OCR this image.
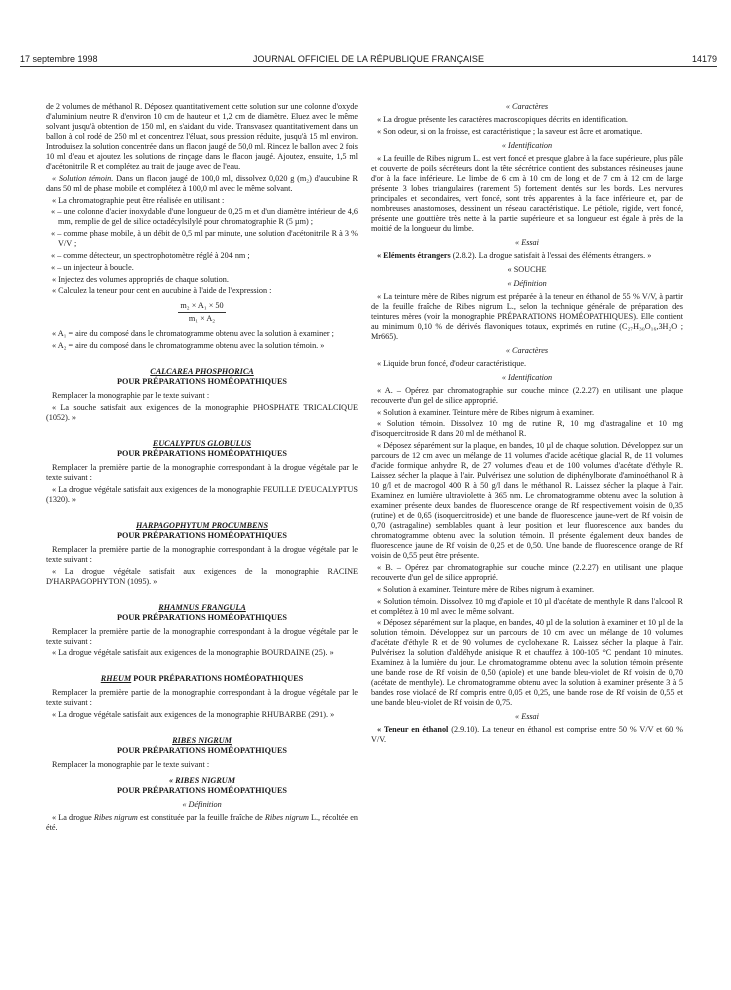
17 septembre 1998	JOURNAL OFFICIEL DE LA RÉPUBLIQUE FRANÇAISE	14179

de 2 volumes de méthanol R. Déposez quantitativement cette solution sur une colonne d'oxyde d'aluminium neutre R d'environ 10 cm de hauteur et 1,2 cm de diamètre. Eluez avec le même solvant jusqu'à obtention de 150 ml, en s'aidant du vide. Transvasez quantitativement dans un ballon à col rodé de 250 ml et concentrez l'éluat, sous pression réduite, jusqu'à 15 ml environ. Introduisez la solution concentrée dans un flacon jaugé de 50,0 ml. Rincez le ballon avec 2 fois 10 ml d'eau et ajoutez les solutions de rinçage dans le flacon jaugé. Ajoutez, ensuite, 1,5 ml d'acétonitrile R et complétez au trait de jauge avec de l'eau.

« Solution témoin. Dans un flacon jaugé de 100,0 ml, dissolvez 0,020 g (m₂) d'aucubine R dans 50 ml de phase mobile et complétez à 100,0 ml avec le même solvant.

« La chromatographie peut être réalisée en utilisant :

« – une colonne d'acier inoxydable d'une longueur de 0,25 m et d'un diamètre intérieur de 4,6 mm, remplie de gel de silice octadécylsilylé pour chromatographie R (5 µm) ;

« – comme phase mobile, à un débit de 0,5 ml par minute, une solution d'acétonitrile R à 3 % V/V ;

« – comme détecteur, un spectrophotomètre réglé à 204 nm ;

« – un injecteur à boucle.

« Injectez des volumes appropriés de chaque solution.

« Calculez la teneur pour cent en aucubine à l'aide de l'expression :

m₂ × A₁ × 50
m₁ × A₂

« A₁ = aire du composé dans le chromatogramme obtenu avec la solution à examiner ;

« A₂ = aire du composé dans le chromatogramme obtenu avec la solution témoin. »

CALCAREA PHOSPHORICA
POUR PRÉPARATIONS HOMÉOPATHIQUES

Remplacer la monographie par le texte suivant :

« La souche satisfait aux exigences de la monographie PHOSPHATE TRICALCIQUE (1052). »

EUCALYPTUS GLOBULUS
POUR PRÉPARATIONS HOMÉOPATHIQUES

Remplacer la première partie de la monographie correspondant à la drogue végétale par le texte suivant :

« La drogue végétale satisfait aux exigences de la monographie FEUILLE D'EUCALYPTUS (1320). »

HARPAGOPHYTUM PROCUMBENS
POUR PRÉPARATIONS HOMÉOPATHIQUES

Remplacer la première partie de la monographie correspondant à la drogue végétale par le texte suivant :

« La drogue végétale satisfait aux exigences de la monographie RACINE D'HARPAGOPHYTON (1095). »

RHAMNUS FRANGULA
POUR PRÉPARATIONS HOMÉOPATHIQUES

Remplacer la première partie de la monographie correspondant à la drogue végétale par le texte suivant :

« La drogue végétale satisfait aux exigences de la monographie BOURDAINE (25). »

RHEUM POUR PRÉPARATIONS HOMÉOPATHIQUES

Remplacer la première partie de la monographie correspondant à la drogue végétale par le texte suivant :

« La drogue végétale satisfait aux exigences de la monographie RHUBARBE (291). »

RIBES NIGRUM
POUR PRÉPARATIONS HOMÉOPATHIQUES

Remplacer la monographie par le texte suivant :

« RIBES NIGRUM
POUR PRÉPARATIONS HOMÉOPATHIQUES
« Définition

« La drogue Ribes nigrum est constituée par la feuille fraîche de Ribes nigrum L., récoltée en été.

« Caractères

« La drogue présente les caractères macroscopiques décrits en identification.

« Son odeur, si on la froisse, est caractéristique ; la saveur est âcre et aromatique.

« Identification

« La feuille de Ribes nigrum L. est vert foncé et presque glabre à la face supérieure, plus pâle et couverte de poils sécréteurs dont la tête sécrétrice contient des substances résineuses jaune d'or à la face inférieure. Le limbe de 6 cm à 10 cm de long et de 7 cm à 12 cm de large présente 3 lobes triangulaires (rarement 5) fortement dentés sur les bords. Les nervures principales et secondaires, vert foncé, sont très apparentes à la face inférieure et, par de nombreuses anastomoses, dessinent un réseau caractéristique. Le pétiole, rigide, vert foncé, présente une gouttière très nette à la partie supérieure et sa longueur est égale à près de la moitié de la longueur du limbe.

« Essai

« Eléments étrangers (2.8.2). La drogue satisfait à l'essai des éléments étrangers. »

« SOUCHE
« Définition

« La teinture mère de Ribes nigrum est préparée à la teneur en éthanol de 55 % V/V, à partir de la feuille fraîche de Ribes nigrum L., selon la technique générale de préparation des teintures mères (voir la monographie PRÉPARATIONS HOMÉOPATHIQUES). Elle contient au minimum 0,10 % de dérivés flavoniques totaux, exprimés en rutine (C₂₇H₃₀O₁₆,3H₂O ; Mr665).

« Caractères

« Liquide brun foncé, d'odeur caractéristique.

« Identification

« A. – Opérez par chromatographie sur couche mince (2.2.27) en utilisant une plaque recouverte d'un gel de silice approprié.

« Solution à examiner. Teinture mère de Ribes nigrum à examiner.

« Solution témoin. Dissolvez 10 mg de rutine R, 10 mg d'astragaline et 10 mg d'isoquercitroside R dans 20 ml de méthanol R.

« Déposez séparément sur la plaque, en bandes, 10 µl de chaque solution. Développez sur un parcours de 12 cm avec un mélange de 11 volumes d'acide acétique glacial R, de 11 volumes d'acide formique anhydre R, de 27 volumes d'eau et de 100 volumes d'acétate d'éthyle R. Laissez sécher la plaque à l'air. Pulvérisez une solution de diphénylborate d'aminoéthanol R à 10 g/l et de macrogol 400 R à 50 g/l dans le méthanol R. Laissez sécher la plaque à l'air. Examinez en lumière ultraviolette à 365 nm. Le chromatogramme obtenu avec la solution à examiner présente deux bandes de fluorescence orange de Rf respectivement voisin de 0,35 (rutine) et de 0,65 (isoquercitroside) et une bande de fluorescence jaune-vert de Rf voisin de 0,70 (astragaline) semblables quant à leur position et leur fluorescence aux bandes du chromatogramme obtenu avec la solution témoin. Il présente également deux bandes de fluorescence jaune de Rf voisin de 0,25 et de 0,50. Une bande de fluorescence orange de Rf voisin de 0,55 peut être présente.

« B. – Opérez par chromatographie sur couche mince (2.2.27) en utilisant une plaque recouverte d'un gel de silice approprié.

« Solution à examiner. Teinture mère de Ribes nigrum à examiner.

« Solution témoin. Dissolvez 10 mg d'apiole et 10 µl d'acétate de menthyle R dans l'alcool R et complétez à 10 ml avec le même solvant.

« Déposez séparément sur la plaque, en bandes, 40 µl de la solution à examiner et 10 µl de la solution témoin. Développez sur un parcours de 10 cm avec un mélange de 10 volumes d'acétate d'éthyle R et de 90 volumes de cyclohexane R. Laissez sécher la plaque à l'air. Pulvérisez la solution d'aldéhyde anisique R et chauffez à 100-105 °C pendant 10 minutes. Examinez à la lumière du jour. Le chromatogramme obtenu avec la solution témoin présente une bande rose de Rf voisin de 0,50 (apiole) et une bande bleu-violet de Rf voisin de 0,70 (acétate de menthyle). Le chromatogramme obtenu avec la solution à examiner présente 3 à 5 bandes rose violacé de Rf compris entre 0,05 et 0,25, une bande rose de Rf voisin de 0,55 et une bande bleu-violet de Rf voisin de 0,75.

« Essai

« Teneur en éthanol (2.9.10). La teneur en éthanol est comprise entre 50 % V/V et 60 % V/V.
